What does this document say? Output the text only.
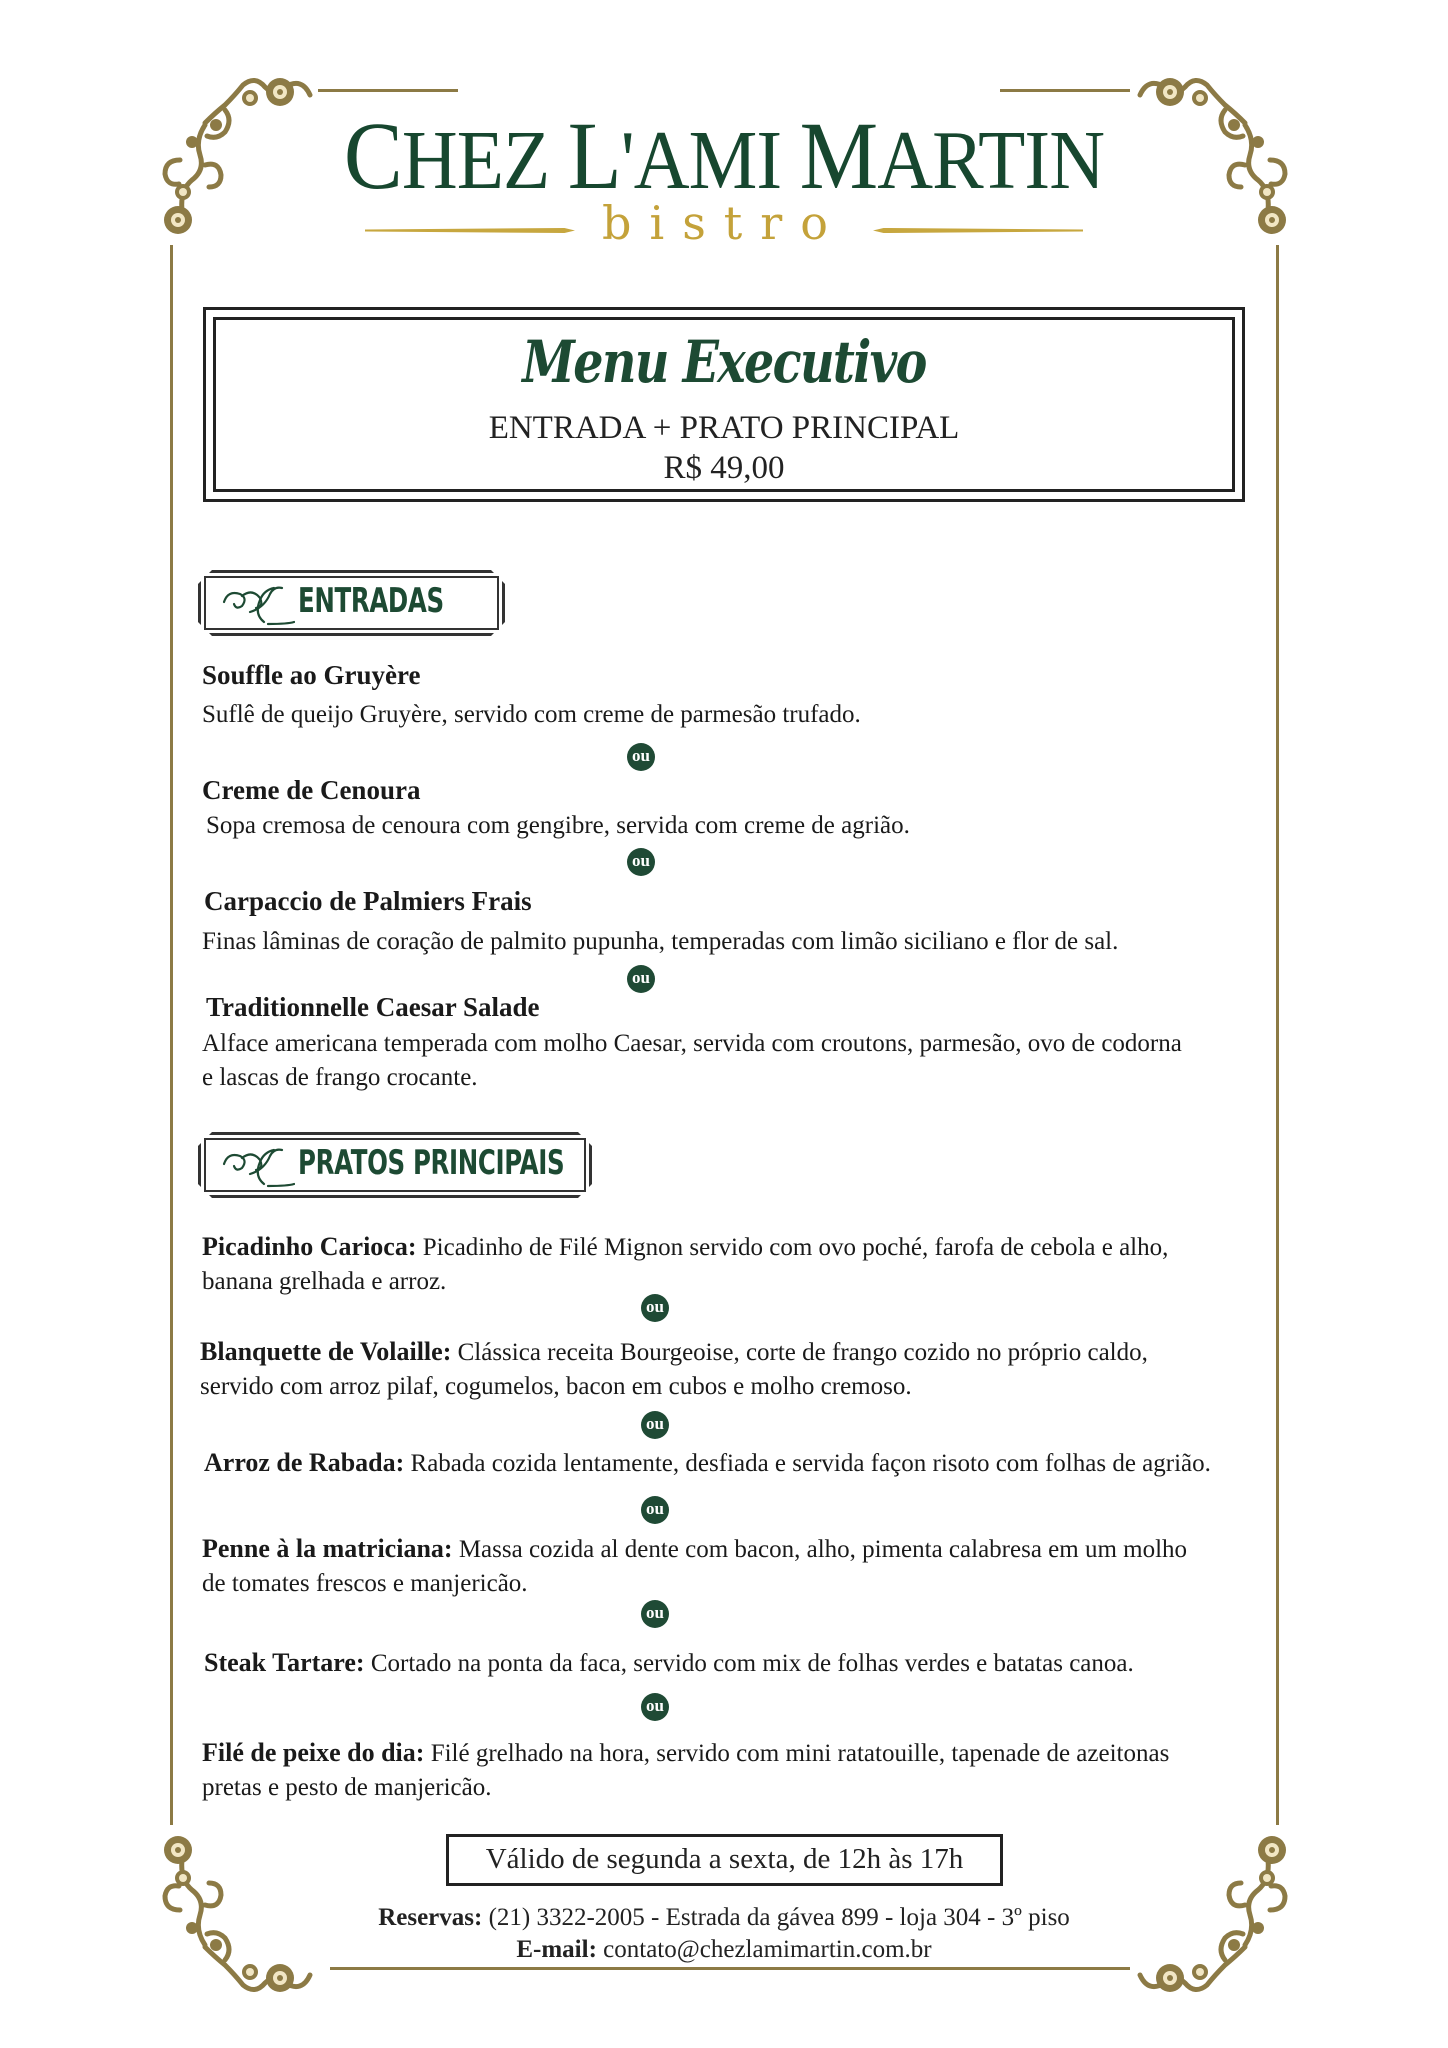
CHEZ L'AMI MARTIN
bistro
Menu Executivo
ENTRADA + PRATO PRINCIPAL
R$ 49,00
ENTRADAS
Souffle ao Gruyère
Suflê de queijo Gruyère, servido com creme de parmesão trufado.
ou
Creme de Cenoura
Sopa cremosa de cenoura com gengibre, servida com creme de agrião.
ou
Carpaccio de Palmiers Frais
Finas lâminas de coração de palmito pupunha, temperadas com limão siciliano e flor de sal.
ou
Traditionnelle Caesar Salade
Alface americana temperada com molho Caesar, servida com croutons, parmesão, ovo de codorna
e lascas de frango crocante.
PRATOS PRINCIPAIS
Picadinho Carioca: Picadinho de Filé Mignon servido com ovo poché, farofa de cebola e alho,
banana grelhada e arroz.
ou
Blanquette de Volaille: Clássica receita Bourgeoise, corte de frango cozido no próprio caldo,
servido com arroz pilaf, cogumelos, bacon em cubos e molho cremoso.
ou
Arroz de Rabada: Rabada cozida lentamente, desfiada e servida façon risoto com folhas de agrião.
ou
Penne à la matriciana: Massa cozida al dente com bacon, alho, pimenta calabresa em um molho
de tomates frescos e manjericão.
ou
Steak Tartare: Cortado na ponta da faca, servido com mix de folhas verdes e batatas canoa.
ou
Filé de peixe do dia: Filé grelhado na hora, servido com mini ratatouille, tapenade de azeitonas
pretas e pesto de manjericão.
Válido de segunda a sexta, de 12h às 17h
Reservas: (21) 3322-2005 - Estrada da gávea 899 - loja 304 - 3º piso
E-mail: contato@chezlamimartin.com.br
